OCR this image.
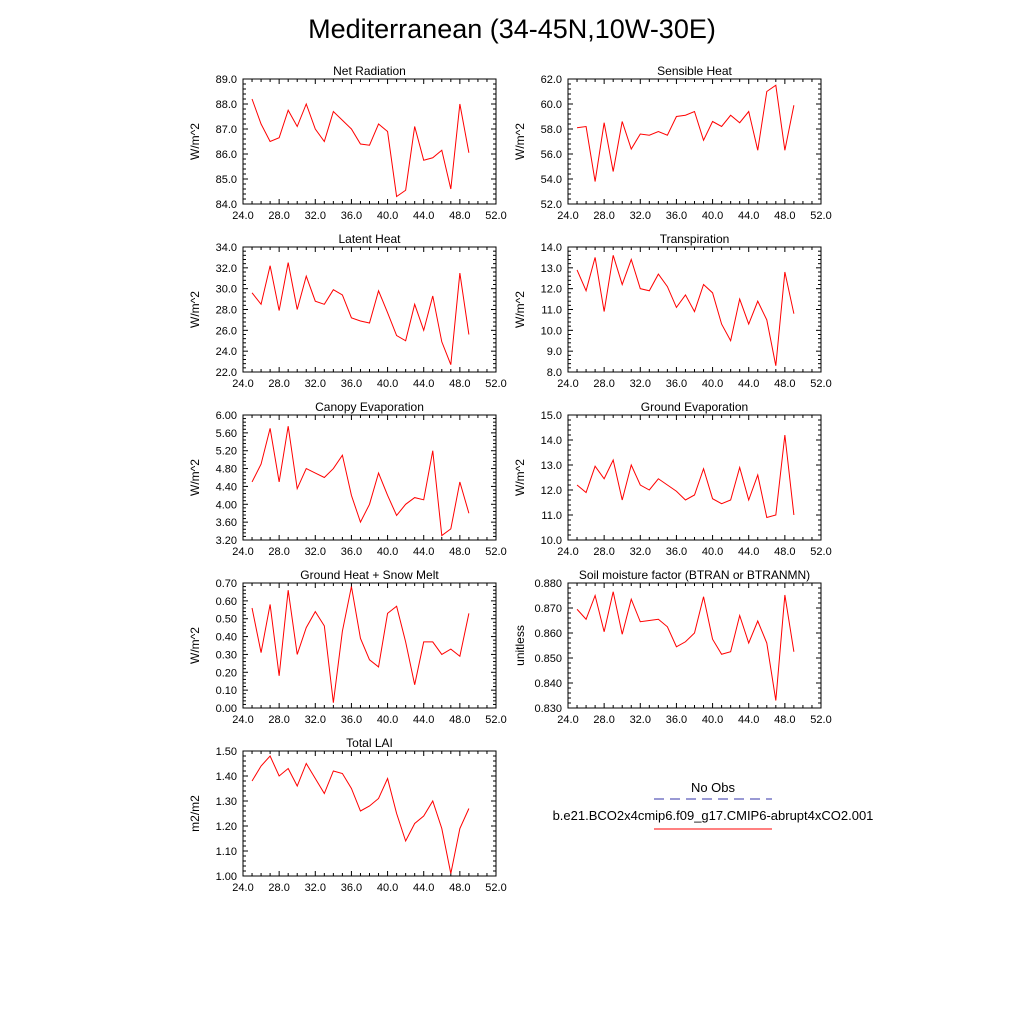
Mediterranean (34-45N,10W-30E)
Net Radiation
W/m^2
24.0 28.0 32.0 36.0 40.0 44.0 48.0 52.0
84.0
85.0
86.0
87.0
88.0
89.0
Sensible Heat
W/m^2
24.0 28.0 32.0 36.0 40.0 44.0 48.0 52.0
52.0
54.0
56.0
58.0
60.0
62.0
Latent Heat
W/m^2
24.0 28.0 32.0 36.0 40.0 44.0 48.0 52.0
22.0
24.0
26.0
28.0
30.0
32.0
34.0
Transpiration
W/m^2
24.0 28.0 32.0 36.0 40.0 44.0 48.0 52.0
8.0
9.0
10.0
11.0
12.0
13.0
14.0
Canopy Evaporation
W/m^2
24.0 28.0 32.0 36.0 40.0 44.0 48.0 52.0
3.20
3.60
4.00
4.40
4.80
5.20
5.60
6.00
Ground Evaporation
W/m^2
24.0 28.0 32.0 36.0 40.0 44.0 48.0 52.0
10.0
11.0
12.0
13.0
14.0
15.0
Ground Heat + Snow Melt
W/m^2
24.0 28.0 32.0 36.0 40.0 44.0 48.0 52.0
0.00
0.10
0.20
0.30
0.40
0.50
0.60
0.70
Soil moisture factor (BTRAN or BTRANMN)
unitless
24.0 28.0 32.0 36.0 40.0 44.0 48.0 52.0
0.830
0.840
0.850
0.860
0.870
0.880
Total LAI
m2/m2
24.0 28.0 32.0 36.0 40.0 44.0 48.0 52.0
1.00
1.10
1.20
1.30
1.40
1.50
No Obs
b.e21.BCO2x4cmip6.f09_g17.CMIP6-abrupt4xCO2.001
